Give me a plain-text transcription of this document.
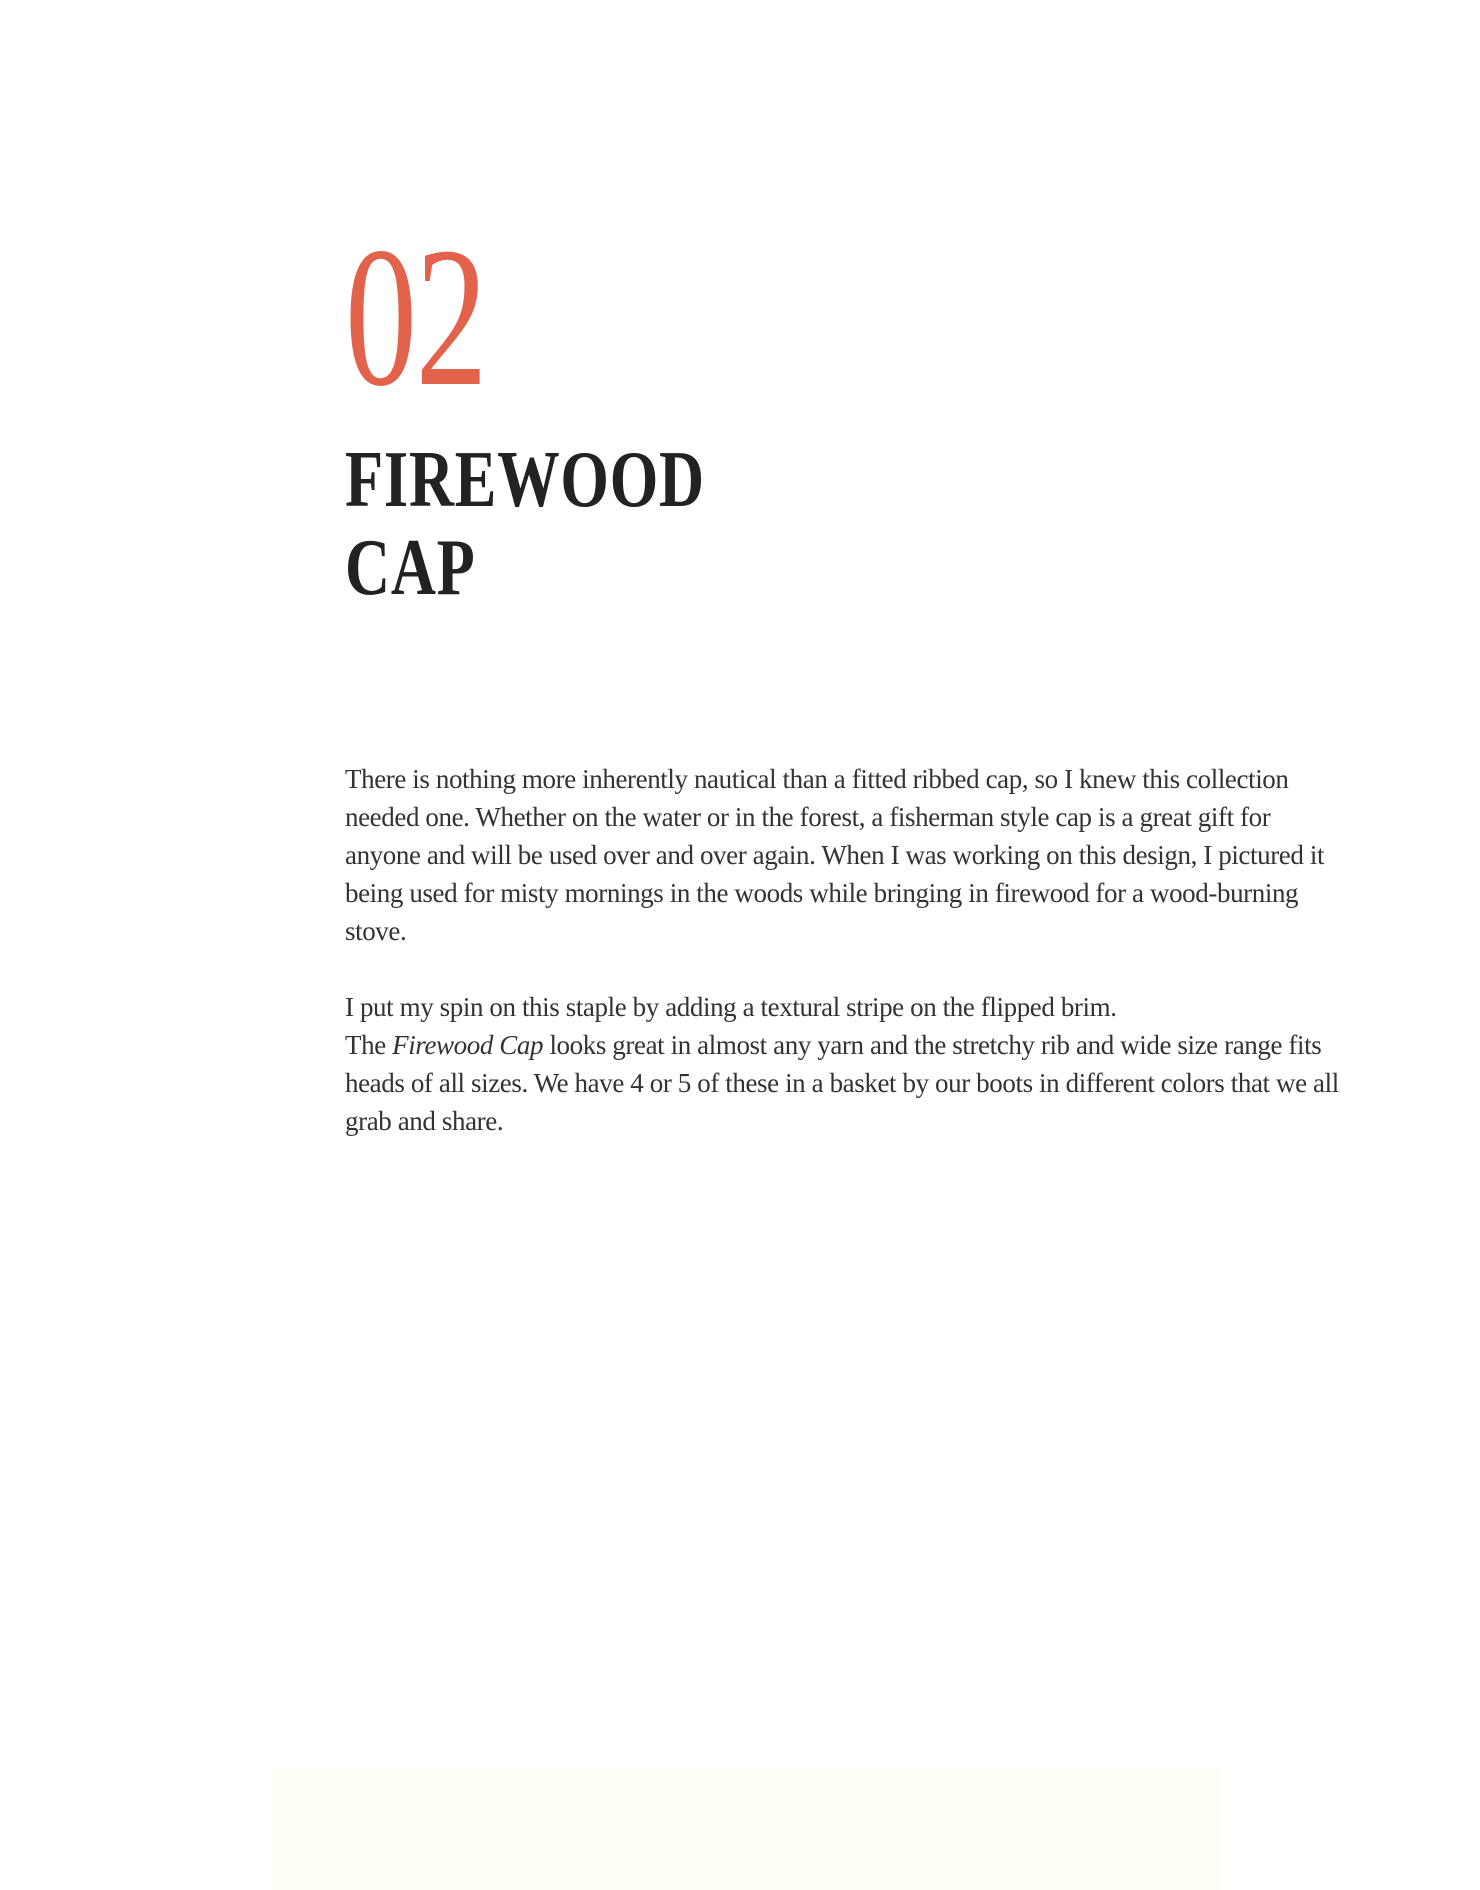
02
FIREWOOD
CAP

There is nothing more inherently nautical than a fitted ribbed cap, so I knew this collection needed one. Whether on the water or in the forest, a fisherman style cap is a great gift for anyone and will be used over and over again. When I was working on this design, I pictured it being used for misty mornings in the woods while bringing in firewood for a wood-burning stove.

I put my spin on this staple by adding a textural stripe on the flipped brim.
The Firewood Cap looks great in almost any yarn and the stretchy rib and wide size range fits heads of all sizes. We have 4 or 5 of these in a basket by our boots in different colors that we all grab and share.
